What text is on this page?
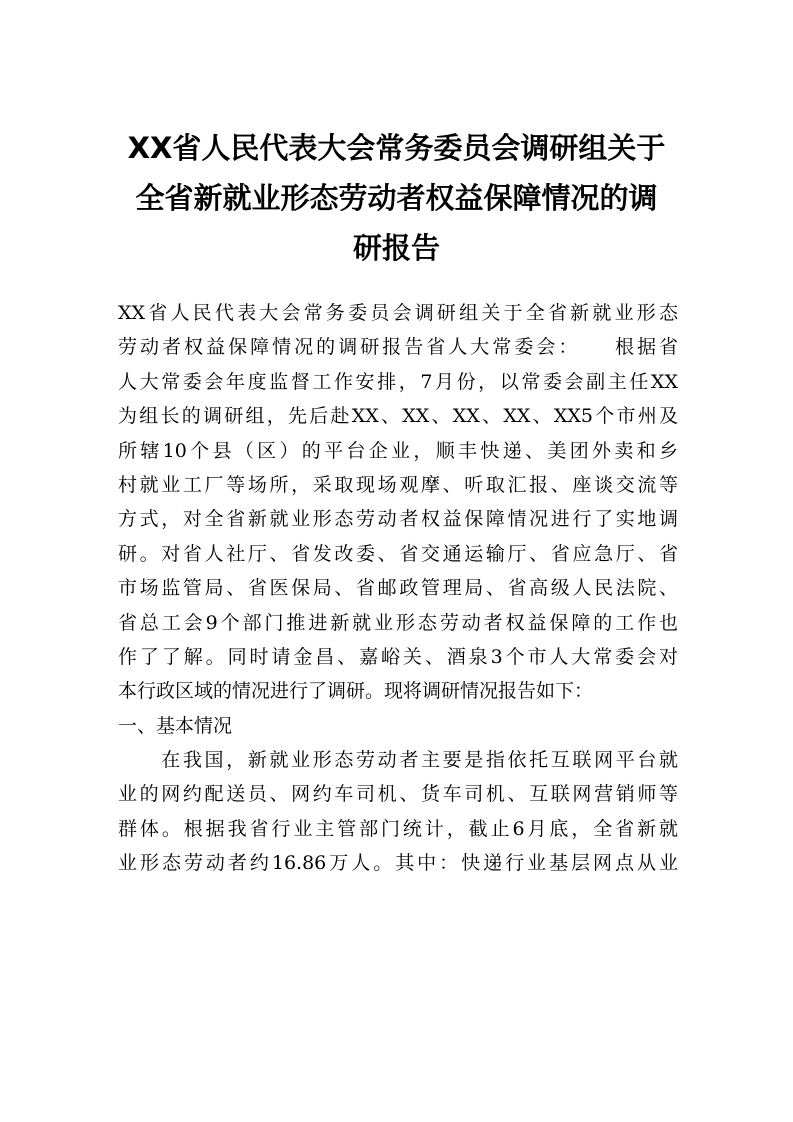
XX省人民代表大会常务委员会调研组关于
全省新就业形态劳动者权益保障情况的调
研报告
XX省人民代表大会常务委员会调研组关于全省新就业形态
劳动者权益保障情况的调研报告省人大常委会：　　根据省
人大常委会年度监督工作安排，7月份，以常委会副主任XX
为组长的调研组，先后赴XX、XX、XX、XX、XX5个市州及
所辖10个县（区）的平台企业，顺丰快递、美团外卖和乡
村就业工厂等场所，采取现场观摩、听取汇报、座谈交流等
方式，对全省新就业形态劳动者权益保障情况进行了实地调
研。对省人社厅、省发改委、省交通运输厅、省应急厅、省
市场监管局、省医保局、省邮政管理局、省高级人民法院、
省总工会9个部门推进新就业形态劳动者权益保障的工作也
作了了解。同时请金昌、嘉峪关、酒泉3个市人大常委会对
本行政区域的情况进行了调研。现将调研情况报告如下：
一、基本情况
　　在我国，新就业形态劳动者主要是指依托互联网平台就
业的网约配送员、网约车司机、货车司机、互联网营销师等
群体。根据我省行业主管部门统计，截止6月底，全省新就
业形态劳动者约16.86万人。其中：快递行业基层网点从业
